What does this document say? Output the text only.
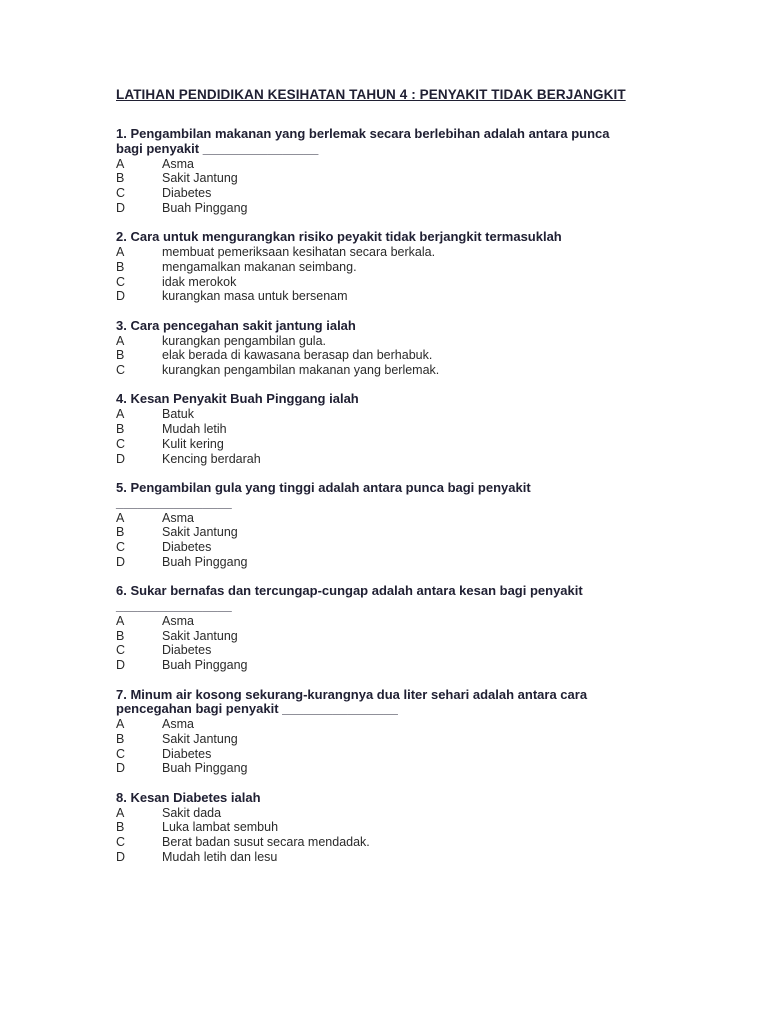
LATIHAN PENDIDIKAN KESIHATAN TAHUN 4 : PENYAKIT TIDAK BERJANGKIT
1. Pengambilan makanan yang berlemak secara berlebihan adalah antara punca
bagi penyakit ________________
A	Asma
B	Sakit Jantung
C	Diabetes
D	Buah Pinggang
2. Cara untuk mengurangkan risiko peyakit tidak berjangkit termasuklah
A	membuat pemeriksaan kesihatan secara berkala.
B	mengamalkan makanan seimbang.
C	idak merokok
D	kurangkan masa untuk bersenam
3. Cara pencegahan sakit jantung ialah
A	kurangkan pengambilan gula.
B	elak berada di kawasana berasap dan berhabuk.
C	kurangkan pengambilan makanan yang berlemak.
4. Kesan Penyakit Buah Pinggang ialah
A	Batuk
B	Mudah letih
C	Kulit kering
D	Kencing berdarah
5. Pengambilan gula yang tinggi adalah antara punca bagi penyakit
________________
A	Asma
B	Sakit Jantung
C	Diabetes
D	Buah Pinggang
6. Sukar bernafas dan tercungap-cungap adalah antara kesan bagi penyakit
________________
A	Asma
B	Sakit Jantung
C	Diabetes
D	Buah Pinggang
7. Minum air kosong sekurang-kurangnya dua liter sehari adalah antara cara
pencegahan bagi penyakit ________________
A	Asma
B	Sakit Jantung
C	Diabetes
D	Buah Pinggang
8. Kesan Diabetes ialah
A	Sakit dada
B	Luka lambat sembuh
C	Berat badan susut secara mendadak.
D	Mudah letih dan lesu
